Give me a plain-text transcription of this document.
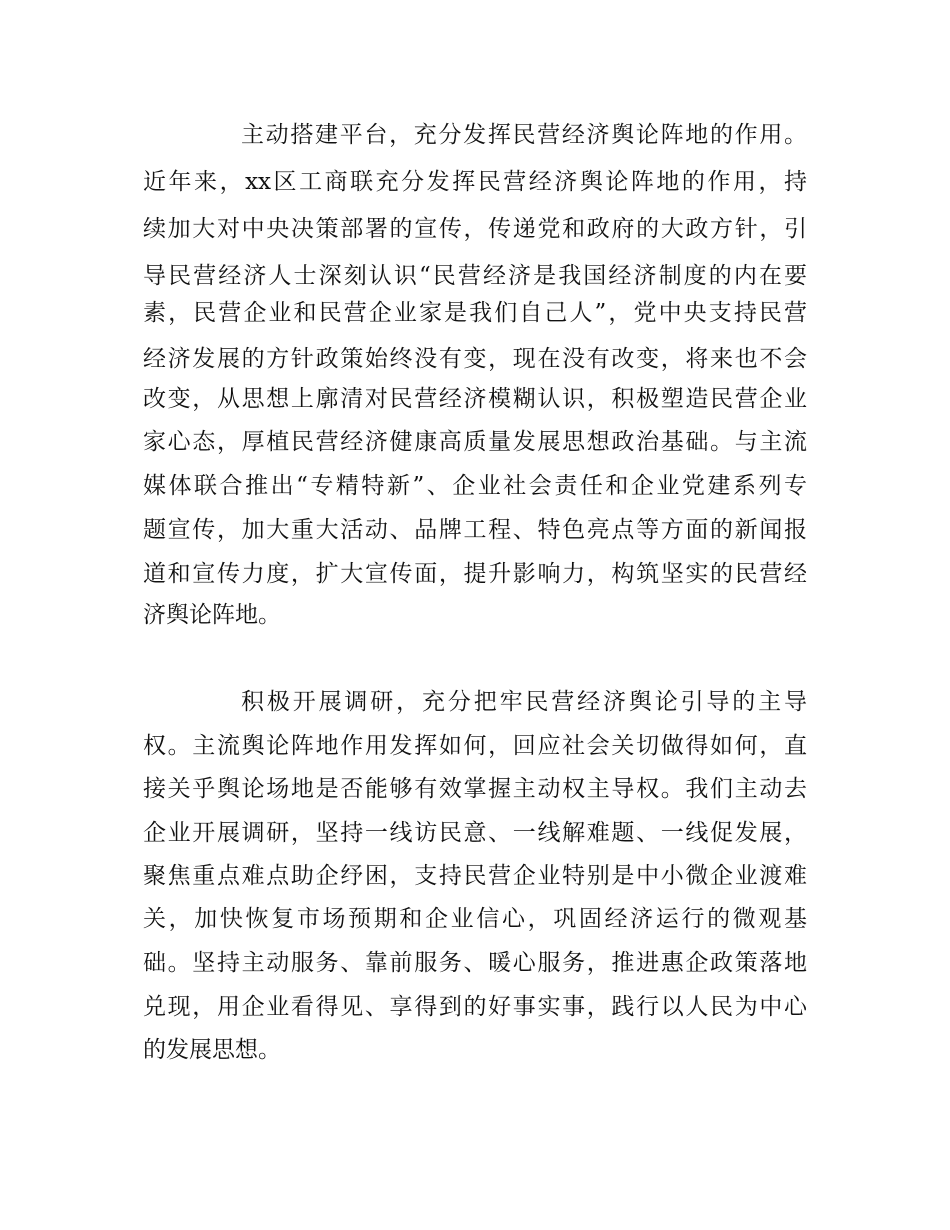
主动搭建平台，充分发挥民营经济舆论阵地的作用。
近年来，xx区工商联充分发挥民营经济舆论阵地的作用，持
续加大对中央决策部署的宣传，传递党和政府的大政方针，引
导民营经济人士深刻认识“民营经济是我国经济制度的内在要
素，民营企业和民营企业家是我们自己人”，党中央支持民营
经济发展的方针政策始终没有变，现在没有改变，将来也不会
改变，从思想上廓清对民营经济模糊认识，积极塑造民营企业
家心态，厚植民营经济健康高质量发展思想政治基础。与主流
媒体联合推出“专精特新”、企业社会责任和企业党建系列专
题宣传，加大重大活动、品牌工程、特色亮点等方面的新闻报
道和宣传力度，扩大宣传面，提升影响力，构筑坚实的民营经
济舆论阵地。
积极开展调研，充分把牢民营经济舆论引导的主导
权。主流舆论阵地作用发挥如何，回应社会关切做得如何，直
接关乎舆论场地是否能够有效掌握主动权主导权。我们主动去
企业开展调研，坚持一线访民意、一线解难题、一线促发展，
聚焦重点难点助企纾困，支持民营企业特别是中小微企业渡难
关，加快恢复市场预期和企业信心，巩固经济运行的微观基
础。坚持主动服务、靠前服务、暖心服务，推进惠企政策落地
兑现，用企业看得见、享得到的好事实事，践行以人民为中心
的发展思想。
